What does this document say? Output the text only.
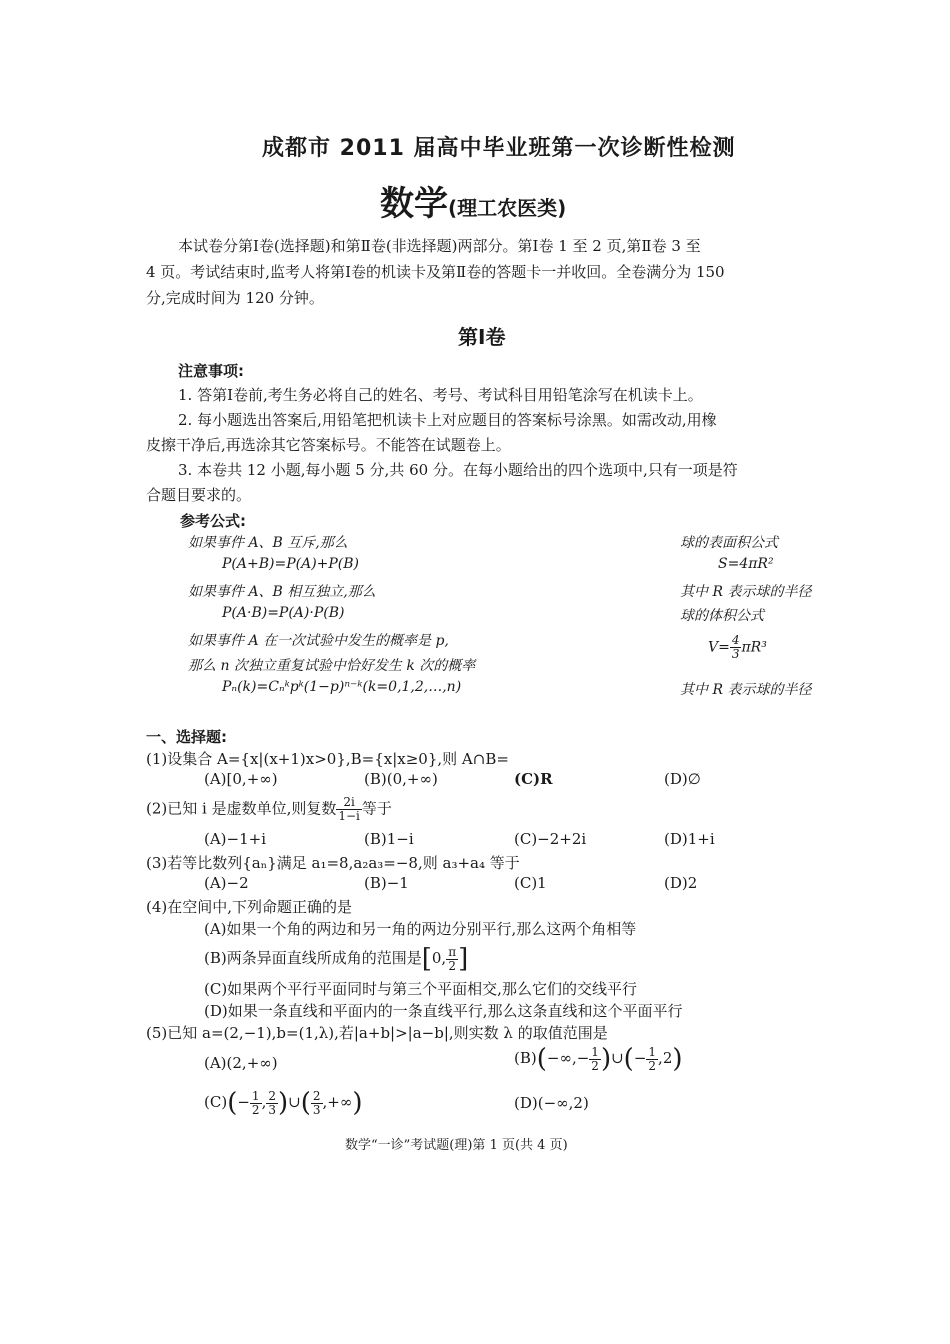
成都市 2011 届高中毕业班第一次诊断性检测
数学(理工农医类)
本试卷分第Ⅰ卷(选择题)和第Ⅱ卷(非选择题)两部分。第Ⅰ卷 1 至 2 页,第Ⅱ卷 3 至
4 页。考试结束时,监考人将第Ⅰ卷的机读卡及第Ⅱ卷的答题卡一并收回。全卷满分为 150
分,完成时间为 120 分钟。
第Ⅰ卷
注意事项:
1. 答第Ⅰ卷前,考生务必将自己的姓名、考号、考试科目用铅笔涂写在机读卡上。
2. 每小题选出答案后,用铅笔把机读卡上对应题目的答案标号涂黑。如需改动,用橡
皮擦干净后,再选涂其它答案标号。不能答在试题卷上。
3. 本卷共 12 小题,每小题 5 分,共 60 分。在每小题给出的四个选项中,只有一项是符
合题目要求的。
参考公式:
如果事件 A、B 互斥,那么
P(A+B)=P(A)+P(B)
如果事件 A、B 相互独立,那么
P(A·B)=P(A)·P(B)
如果事件 A 在一次试验中发生的概率是 p,
那么 n 次独立重复试验中恰好发生 k 次的概率
Pₙ(k)=Cₙᵏpᵏ(1−p)ⁿ⁻ᵏ(k=0,1,2,…,n)
球的表面积公式
S=4πR²
其中 R 表示球的半径
球的体积公式
$V= \frac{4}{3} \pi R^3$
其中 R 表示球的半径
一、选择题:
(1)设集合 A={x|(x+1)x>0},B={x|x≥0},则 A∩B=
(A)[0,+∞)	(B)(0,+∞)	(C)R	(D)∅
(2)已知 i 是虚数单位,则复数 $\frac{2i}{1-i}$ 等于
(A)−1+i	(B)1−i	(C)−2+2i	(D)1+i
(3)若等比数列{aₙ}满足 a₁=8,a₂a₃=−8,则 a₃+a₄ 等于
(A)−2	(B)−1	(C)1	(D)2
(4)在空间中,下列命题正确的是
(A)如果一个角的两边和另一角的两边分别平行,那么这两个角相等
(B)两条异面直线所成角的范围是[0, $\frac{\pi}{2}$ ]
(C)如果两个平行平面同时与第三个平面相交,那么它们的交线平行
(D)如果一条直线和平面内的一条直线平行,那么这条直线和这个平面平行
(5)已知 a=(2,−1),b=(1,λ),若|a+b|>|a−b|,则实数 λ 的取值范围是
(A)(2,+∞)	$(B)(-\infty,- \frac{1}{2}$ )∪(− $\frac{1}{2} ,2$)
$(C)(- \frac{1}{2}$ , $\frac{2}{3}$ )∪( $\frac{2}{3}$ ,+∞)	(D)(−∞,2)
数学“一诊”考试题(理)第 1 页(共 4 页)
